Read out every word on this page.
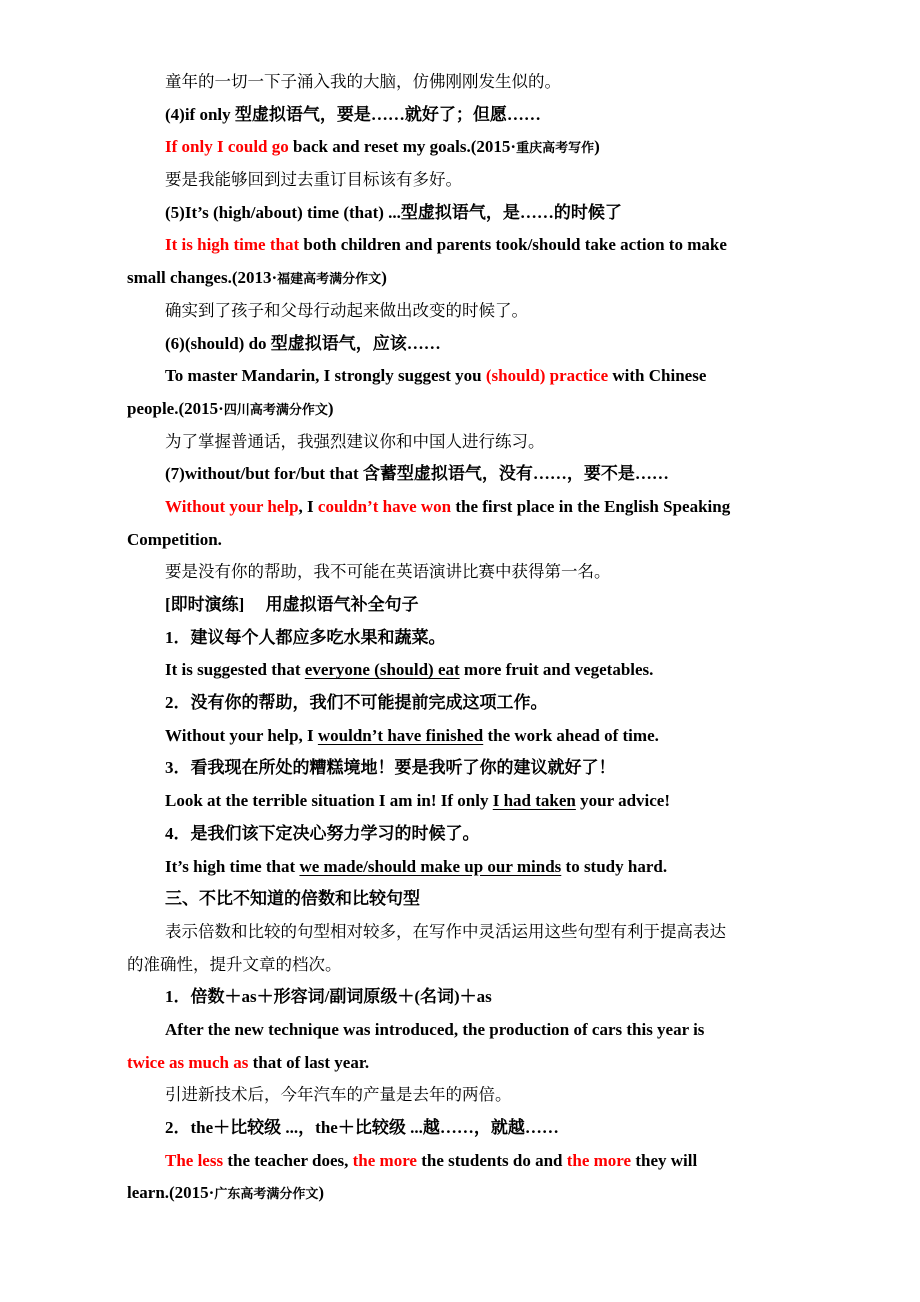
童年的一切一下子涌入我的大脑，仿佛刚刚发生似的。
(4)if only 型虚拟语气，要是……就好了；但愿……
If only I could go back and reset my goals.(2015·重庆高考写作)
要是我能够回到过去重订目标该有多好。
(5)It’s (high/about) time (that) ...型虚拟语气，是……的时候了
It is high time that both children and parents took/should take action to make
small changes.(2013·福建高考满分作文)
确实到了孩子和父母行动起来做出改变的时候了。
(6)(should) do 型虚拟语气，应该……
To master Mandarin, I strongly suggest you (should) practice with Chinese
people.(2015·四川高考满分作文)
为了掌握普通话，我强烈建议你和中国人进行练习。
(7)without/but for/but that 含蓄型虚拟语气，没有……，要不是……
Without your help, I couldn’t have won the first place in the English Speaking
Competition.
要是没有你的帮助，我不可能在英语演讲比赛中获得第一名。
[即时演练]　 用虚拟语气补全句子
1．建议每个人都应多吃水果和蔬菜。
It is suggested that everyone (should) eat more fruit and vegetables.
2．没有你的帮助，我们不可能提前完成这项工作。
Without your help, I wouldn’t have finished the work ahead of time.
3．看我现在所处的糟糕境地！要是我听了你的建议就好了！
Look at the terrible situation I am in! If only I had taken your advice!
4．是我们该下定决心努力学习的时候了。
It’s high time that we made/should make up our minds to study hard.
三、不比不知道的倍数和比较句型
表示倍数和比较的句型相对较多，在写作中灵活运用这些句型有利于提高表达
的准确性，提升文章的档次。
1．倍数＋as＋形容词/副词原级＋(名词)＋as
After the new technique was introduced, the production of cars this year is
twice as much as that of last year.
引进新技术后，今年汽车的产量是去年的两倍。
2．the＋比较级 ...，the＋比较级 ...越……，就越……
The less the teacher does, the more the students do and the more they will
learn.(2015·广东高考满分作文)
